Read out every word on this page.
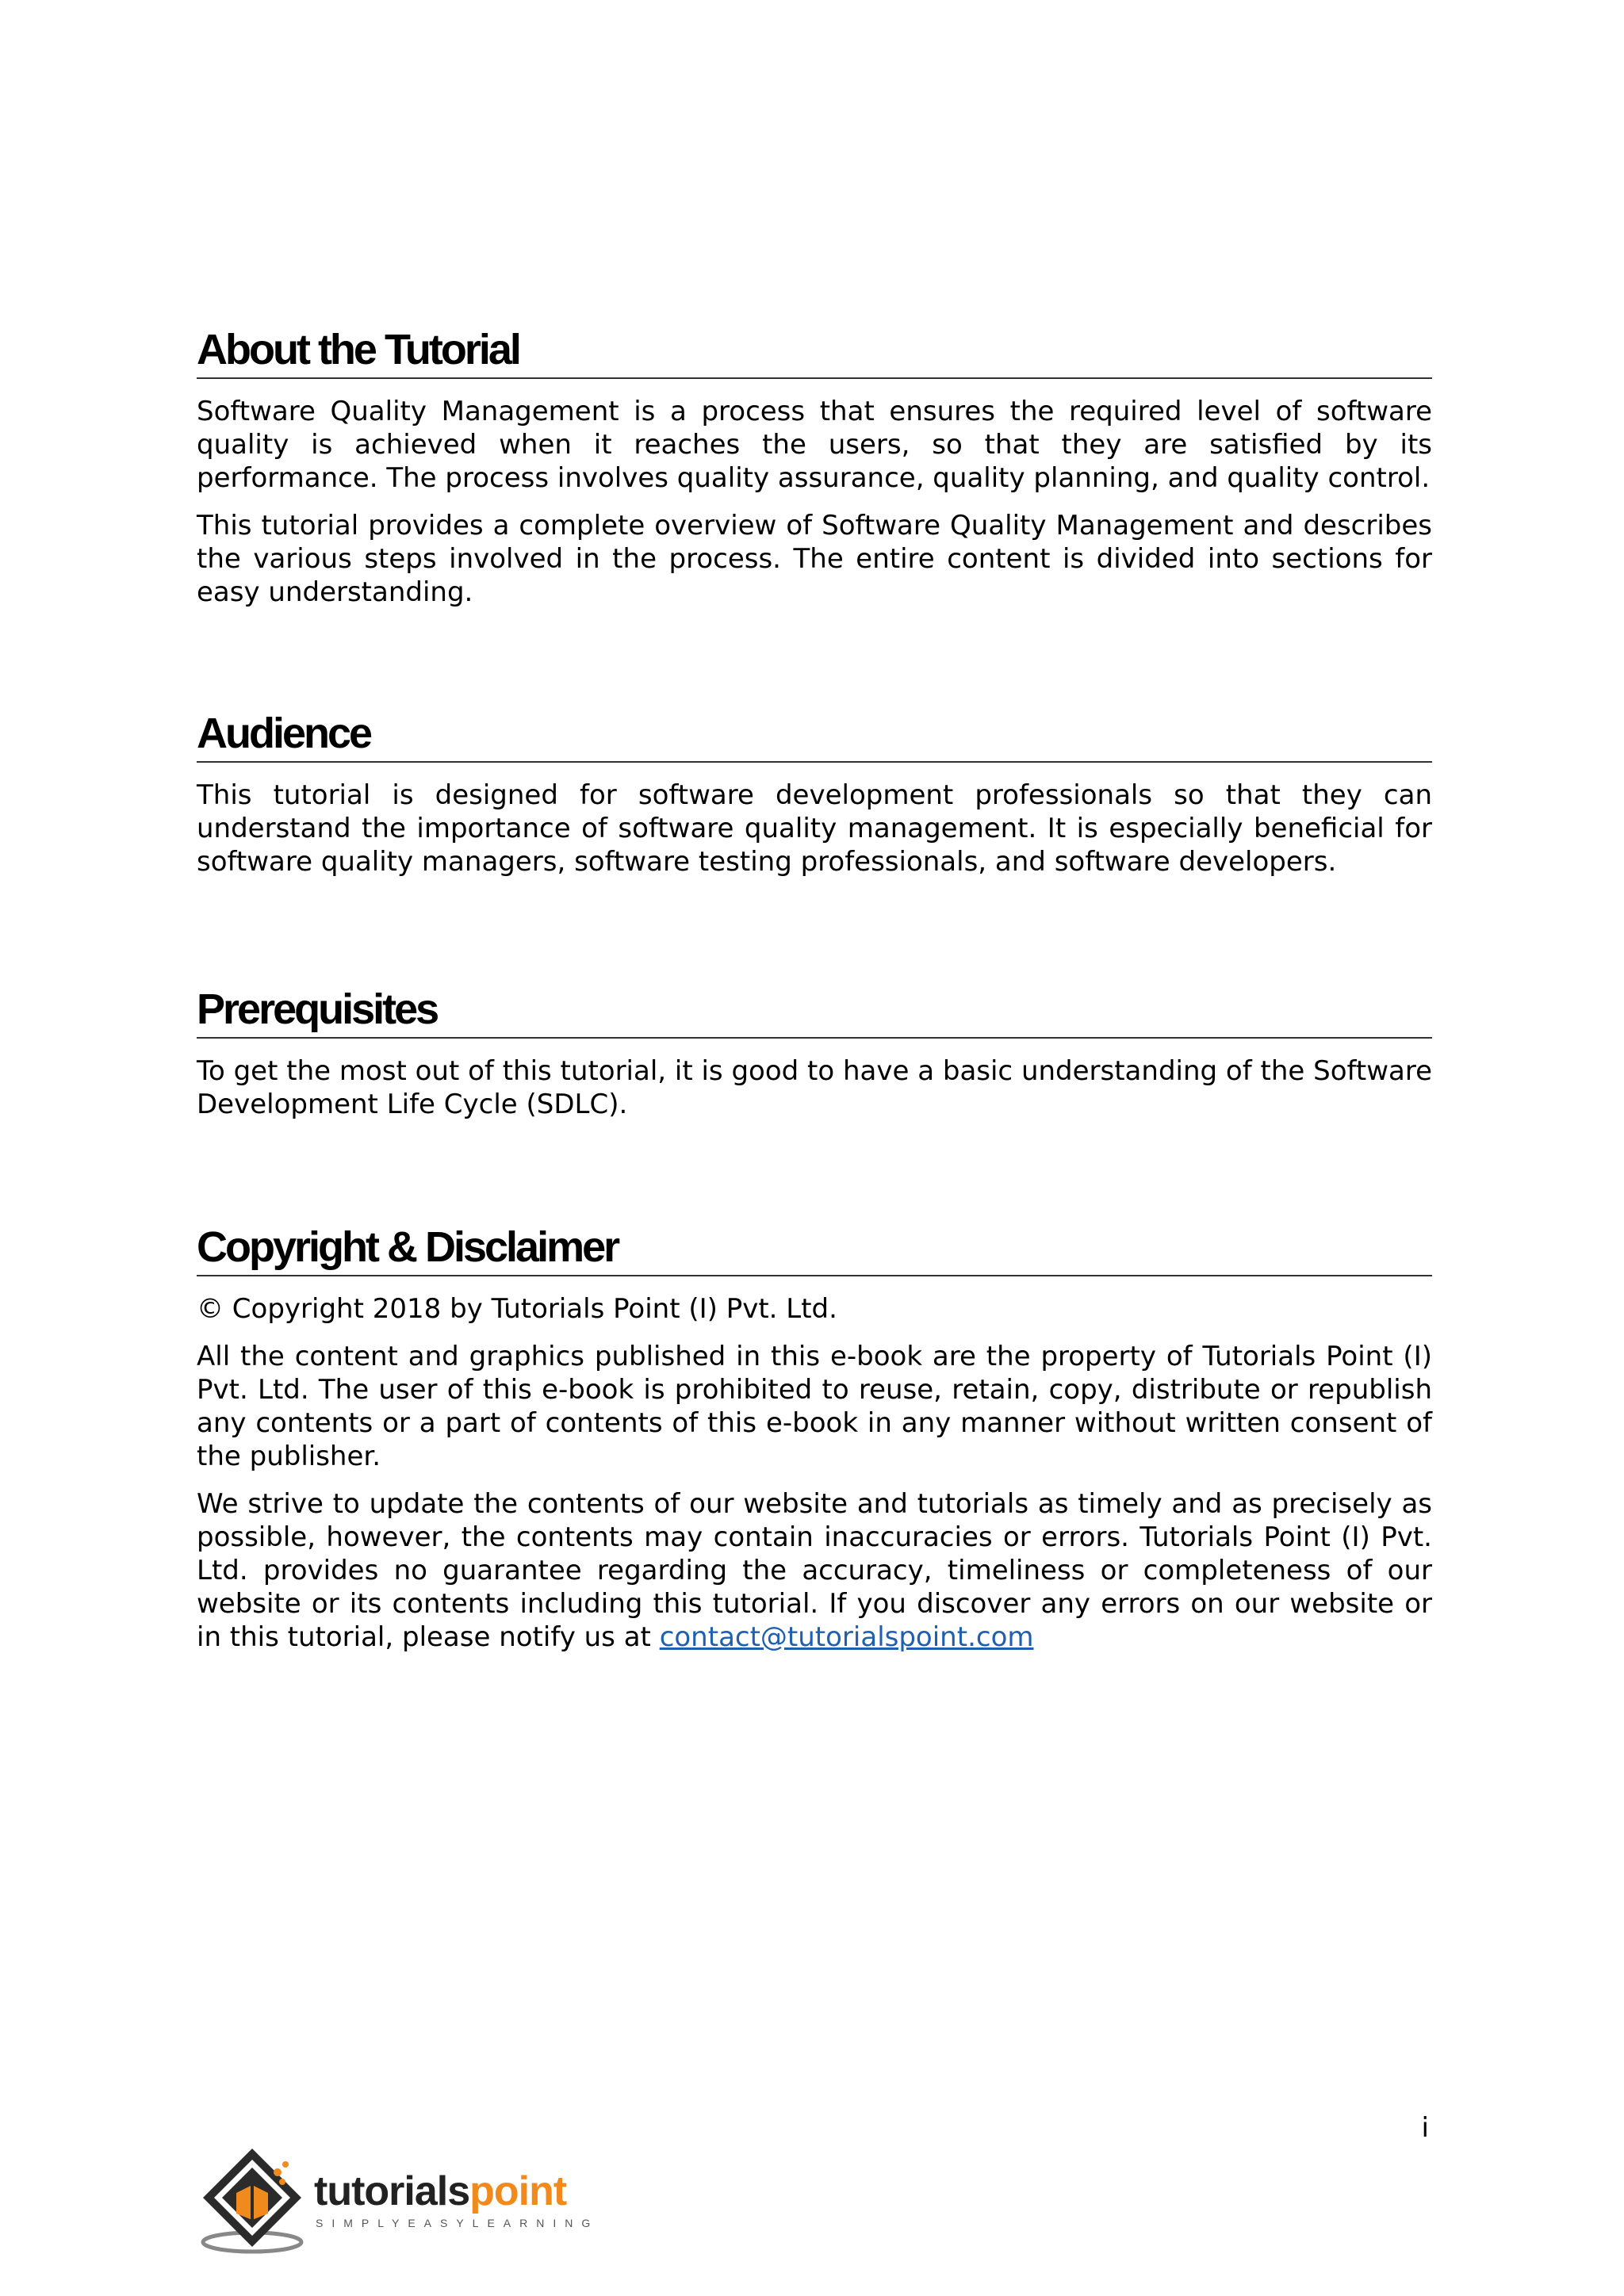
About the Tutorial

Software Quality Management is a process that ensures the required level of software quality is achieved when it reaches the users, so that they are satisfied by its performance. The process involves quality assurance, quality planning, and quality control.

This tutorial provides a complete overview of Software Quality Management and describes the various steps involved in the process. The entire content is divided into sections for easy understanding.

Audience

This tutorial is designed for software development professionals so that they can understand the importance of software quality management. It is especially beneficial for software quality managers, software testing professionals, and software developers.

Prerequisites

To get the most out of this tutorial, it is good to have a basic understanding of the Software Development Life Cycle (SDLC).

Copyright & Disclaimer

© Copyright 2018 by Tutorials Point (I) Pvt. Ltd.

All the content and graphics published in this e-book are the property of Tutorials Point (I) Pvt. Ltd. The user of this e-book is prohibited to reuse, retain, copy, distribute or republish any contents or a part of contents of this e-book in any manner without written consent of the publisher.

We strive to update the contents of our website and tutorials as timely and as precisely as possible, however, the contents may contain inaccuracies or errors. Tutorials Point (I) Pvt. Ltd. provides no guarantee regarding the accuracy, timeliness or completeness of our website or its contents including this tutorial. If you discover any errors on our website or in this tutorial, please notify us at contact@tutorialspoint.com

i
tutorialspoint
SIMPLYEASYLEARNING
